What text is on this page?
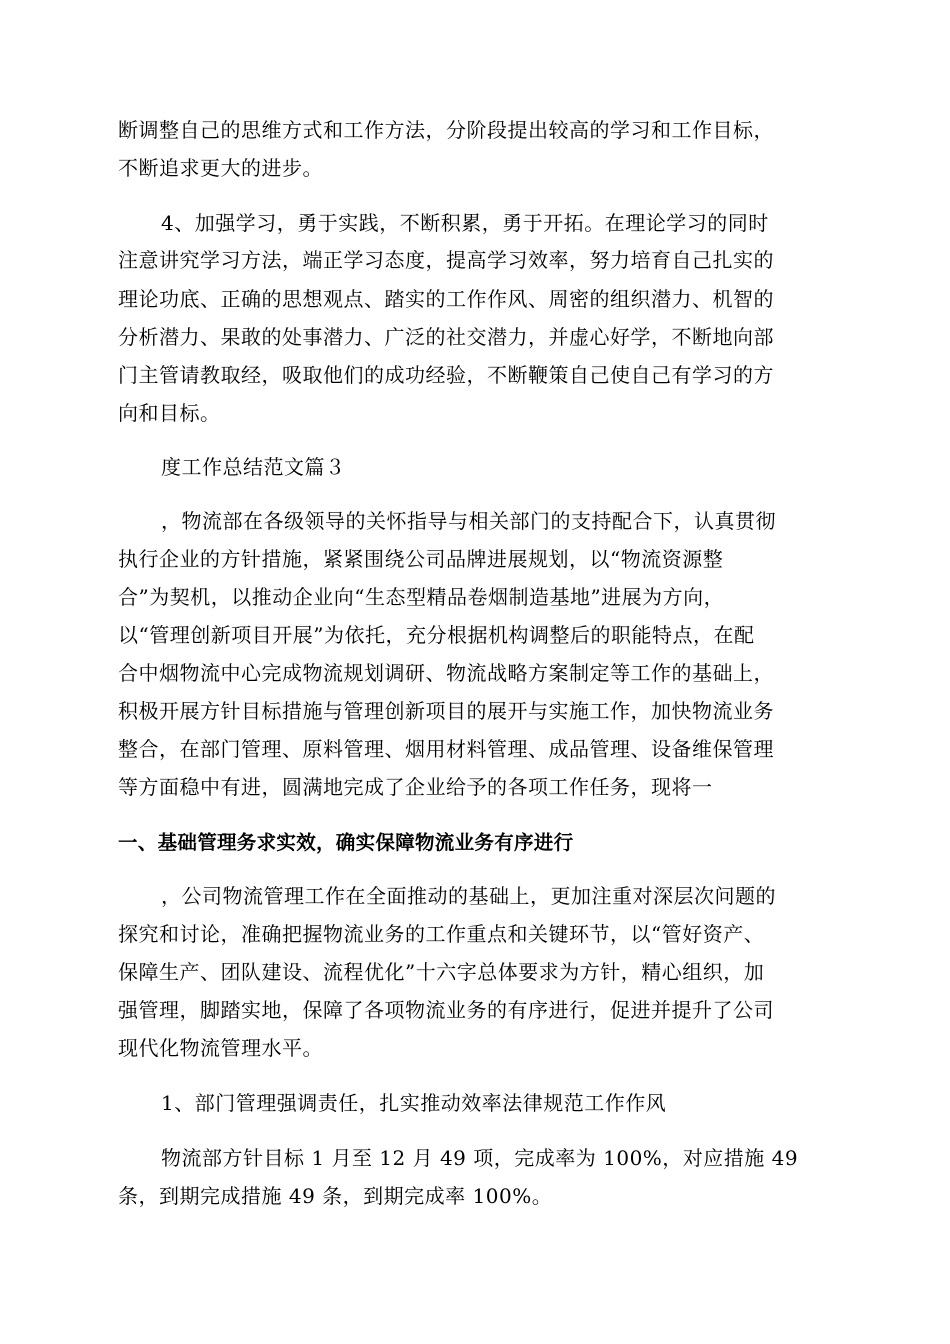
断调整自己的思维方式和工作方法，分阶段提出较高的学习和工作目标，

不断追求更大的进步。

4、加强学习，勇于实践，不断积累，勇于开拓。在理论学习的同时

注意讲究学习方法，端正学习态度，提高学习效率，努力培育自己扎实的

理论功底、正确的思想观点、踏实的工作作风、周密的组织潜力、机智的

分析潜力、果敢的处事潜力、广泛的社交潜力，并虚心好学，不断地向部

门主管请教取经，吸取他们的成功经验，不断鞭策自己使自己有学习的方

向和目标。

度工作总结范文篇３

，物流部在各级领导的关怀指导与相关部门的支持配合下，认真贯彻

执行企业的方针措施，紧紧围绕公司品牌进展规划，以“物流资源整

合”为契机，以推动企业向“生态型精品卷烟制造基地”进展为方向，

以“管理创新项目开展”为依托，充分根据机构调整后的职能特点，在配

合中烟物流中心完成物流规划调研、物流战略方案制定等工作的基础上，

积极开展方针目标措施与管理创新项目的展开与实施工作，加快物流业务

整合，在部门管理、原料管理、烟用材料管理、成品管理、设备维保管理

等方面稳中有进，圆满地完成了企业给予的各项工作任务，现将一

一、基础管理务求实效，确实保障物流业务有序进行

，公司物流管理工作在全面推动的基础上，更加注重对深层次问题的

探究和讨论，准确把握物流业务的工作重点和关键环节，以“管好资产、

保障生产、团队建设、流程优化”十六字总体要求为方针，精心组织，加

强管理，脚踏实地，保障了各项物流业务的有序进行，促进并提升了公司

现代化物流管理水平。

1、部门管理强调责任，扎实推动效率法律规范工作作风

物流部方针目标 1 月至 12 月 49 项，完成率为 100%，对应措施 49

条，到期完成措施 49 条，到期完成率 100%。
